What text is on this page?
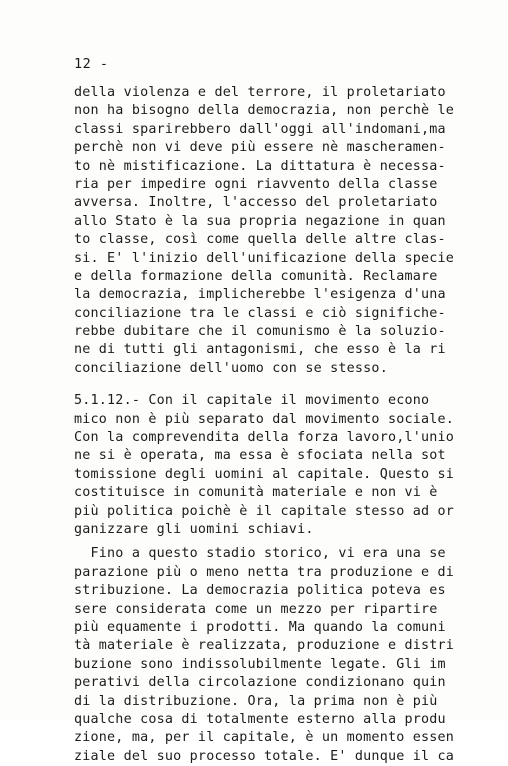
12 -
della violenza e del terrore, il proletariato
non ha bisogno della democrazia, non perchè le
classi sparirebbero dall'oggi all'indomani,ma
perchè non vi deve più essere nè mascheramen-
to nè mistificazione. La dittatura è necessa-
ria per impedire ogni riavvento della classe
avversa. Inoltre, l'accesso del proletariato
allo Stato è la sua propria negazione in quan
to classe, così come quella delle altre clas-
si. E' l'inizio dell'unificazione della specie
e della formazione della comunità. Reclamare
la democrazia, implicherebbe l'esigenza d'una
conciliazione tra le classi e ciò significhe-
rebbe dubitare che il comunismo è la soluzio-
ne di tutti gli antagonismi, che esso è la ri
conciliazione dell'uomo con se stesso.
5.1.12.- Con il capitale il movimento econo
mico non è più separato dal movimento sociale.
Con la comprevendita della forza lavoro,l'unio
ne si è operata, ma essa è sfociata nella sot
tomissione degli uomini al capitale. Questo si
costituisce in comunità materiale e non vi è
più politica poichè è il capitale stesso ad or
ganizzare gli uomini schiavi.
Fino a questo stadio storico, vi era una se
parazione più o meno netta tra produzione e di
stribuzione. La democrazia politica poteva es
sere considerata come un mezzo per ripartire
più equamente i prodotti. Ma quando la comuni
tà materiale è realizzata, produzione e distri
buzione sono indissolubilmente legate. Gli im
perativi della circolazione condizionano quin
di la distribuzione. Ora, la prima non è più
qualche cosa di totalmente esterno alla produ
zione, ma, per il capitale, è un momento essen
ziale del suo processo totale. E' dunque il ca
